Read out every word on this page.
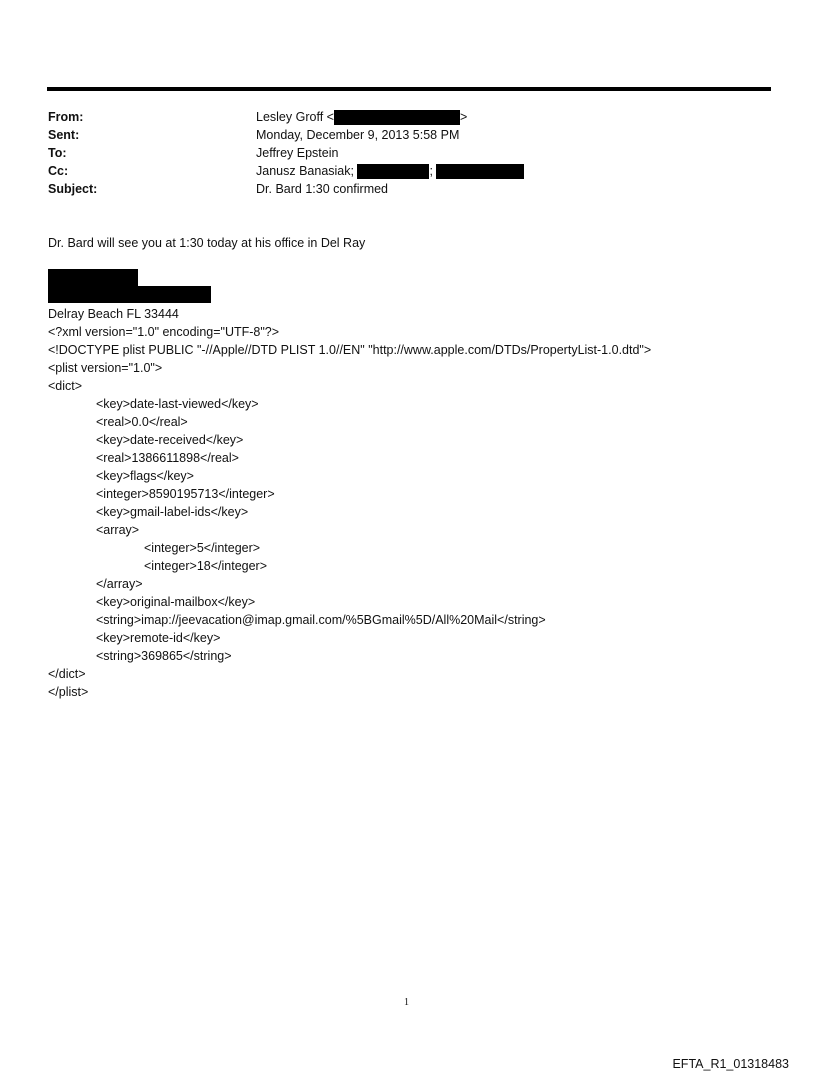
From:	Lesley Groff <	>
Sent:	Monday, December 9, 2013 5:58 PM
To:	Jeffrey Epstein
Cc:	Janusz Banasiak;	;
Subject:	Dr. Bard 1:30 confirmed
Dr. Bard will see you at 1:30 today at his office in Del Ray
Delray Beach FL 33444
<?xml version="1.0" encoding="UTF-8"?>
<!DOCTYPE plist PUBLIC "-//Apple//DTD PLIST 1.0//EN" "http://www.apple.com/DTDs/PropertyList-1.0.dtd">
<plist version="1.0">
<dict>
<key>date-last-viewed</key>
<real>0.0</real>
<key>date-received</key>
<real>1386611898</real>
<key>flags</key>
<integer>8590195713</integer>
<key>gmail-label-ids</key>
<array>
<integer>5</integer>
<integer>18</integer>
</array>
<key>original-mailbox</key>
<string>imap://jeevacation@imap.gmail.com/%5BGmail%5D/All%20Mail</string>
<key>remote-id</key>
<string>369865</string>
</dict>
</plist>
1
EFTA_R1_01318483
